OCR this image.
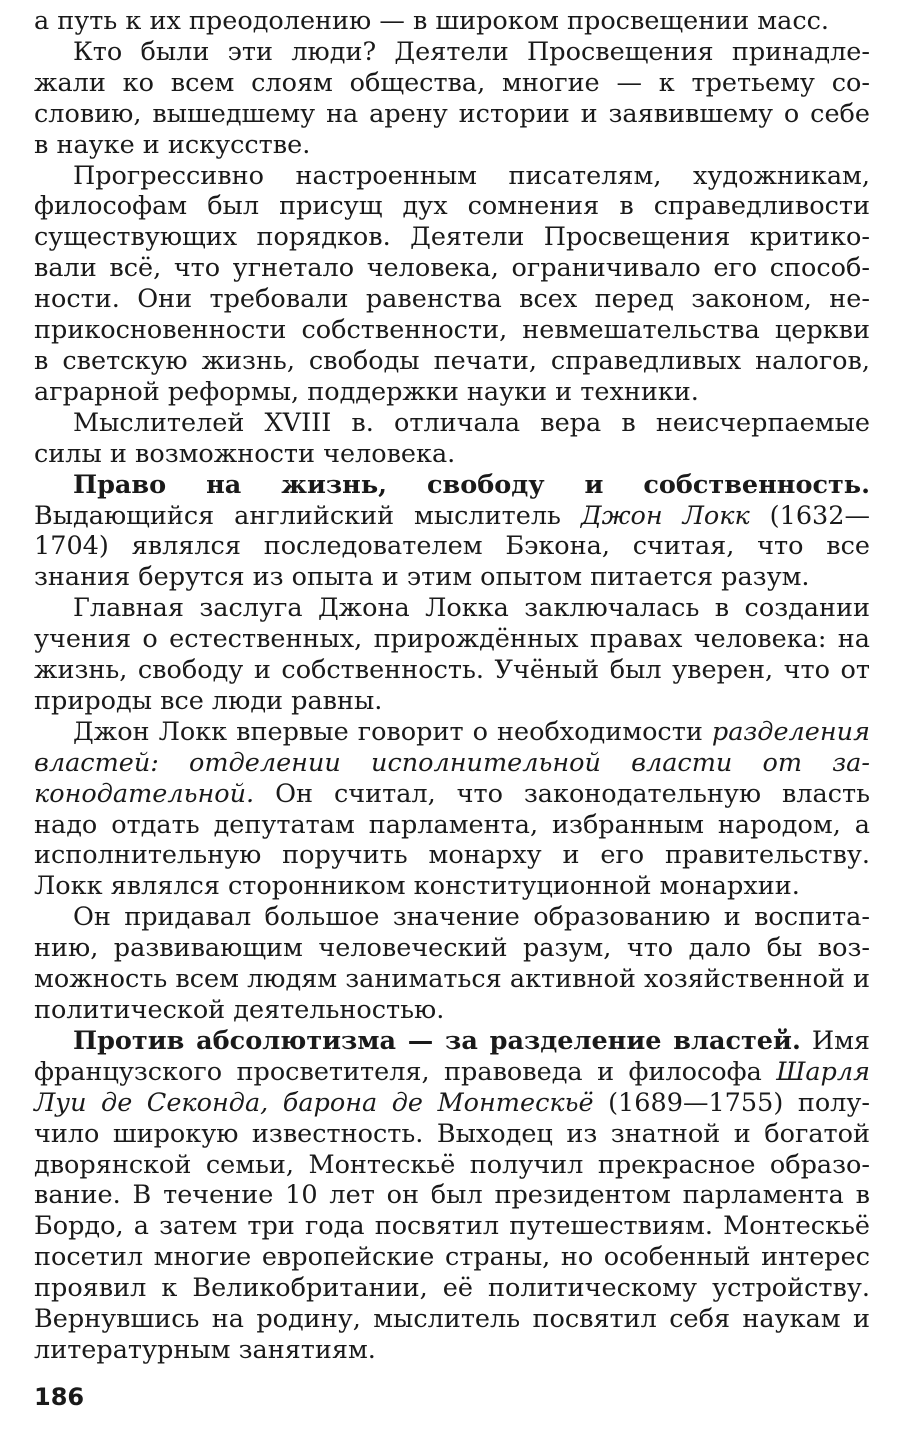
а путь к их преодолению — в широком просвещении масс.

Кто были эти люди? Деятели Просвещения принадлежали ко всем слоям общества, многие — к третьему сословию, вышедшему на арену истории и заявившему о себе в науке и искусстве.

Прогрессивно настроенным писателям, художникам, философам был присущ дух сомнения в справедливости существующих порядков. Деятели Просвещения критиковали всё, что угнетало человека, ограничивало его способности. Они требовали равенства всех перед законом, неприкосновенности собственности, невмешательства церкви в светскую жизнь, свободы печати, справедливых налогов, аграрной реформы, поддержки науки и техники.

Мыслителей XVIII в. отличала вера в неисчерпаемые силы и возможности человека.

Право на жизнь, свободу и собственность. Выдающийся английский мыслитель Джон Локк (1632—1704) являлся последователем Бэкона, считая, что все знания берутся из опыта и этим опытом питается разум.

Главная заслуга Джона Локка заключалась в создании учения о естественных, прирождённых правах человека: на жизнь, свободу и собственность. Учёный был уверен, что от природы все люди равны.

Джон Локк впервые говорит о необходимости разделения властей: отделении исполнительной власти от законодательной. Он считал, что законодательную власть надо отдать депутатам парламента, избранным народом, а исполнительную поручить монарху и его правительству. Локк являлся сторонником конституционной монархии.

Он придавал большое значение образованию и воспитанию, развивающим человеческий разум, что дало бы возможность всем людям заниматься активной хозяйственной и политической деятельностью.

Против абсолютизма — за разделение властей. Имя французского просветителя, правоведа и философа Шарля Луи де Секонда, барона де Монтескьё (1689—1755) получило широкую известность. Выходец из знатной и богатой дворянской семьи, Монтескьё получил прекрасное образование. В течение 10 лет он был президентом парламента в Бордо, а затем три года посвятил путешествиям. Монтескьё посетил многие европейские страны, но особенный интерес проявил к Великобритании, её политическому устройству. Вернувшись на родину, мыслитель посвятил себя наукам и литературным занятиям.

186
